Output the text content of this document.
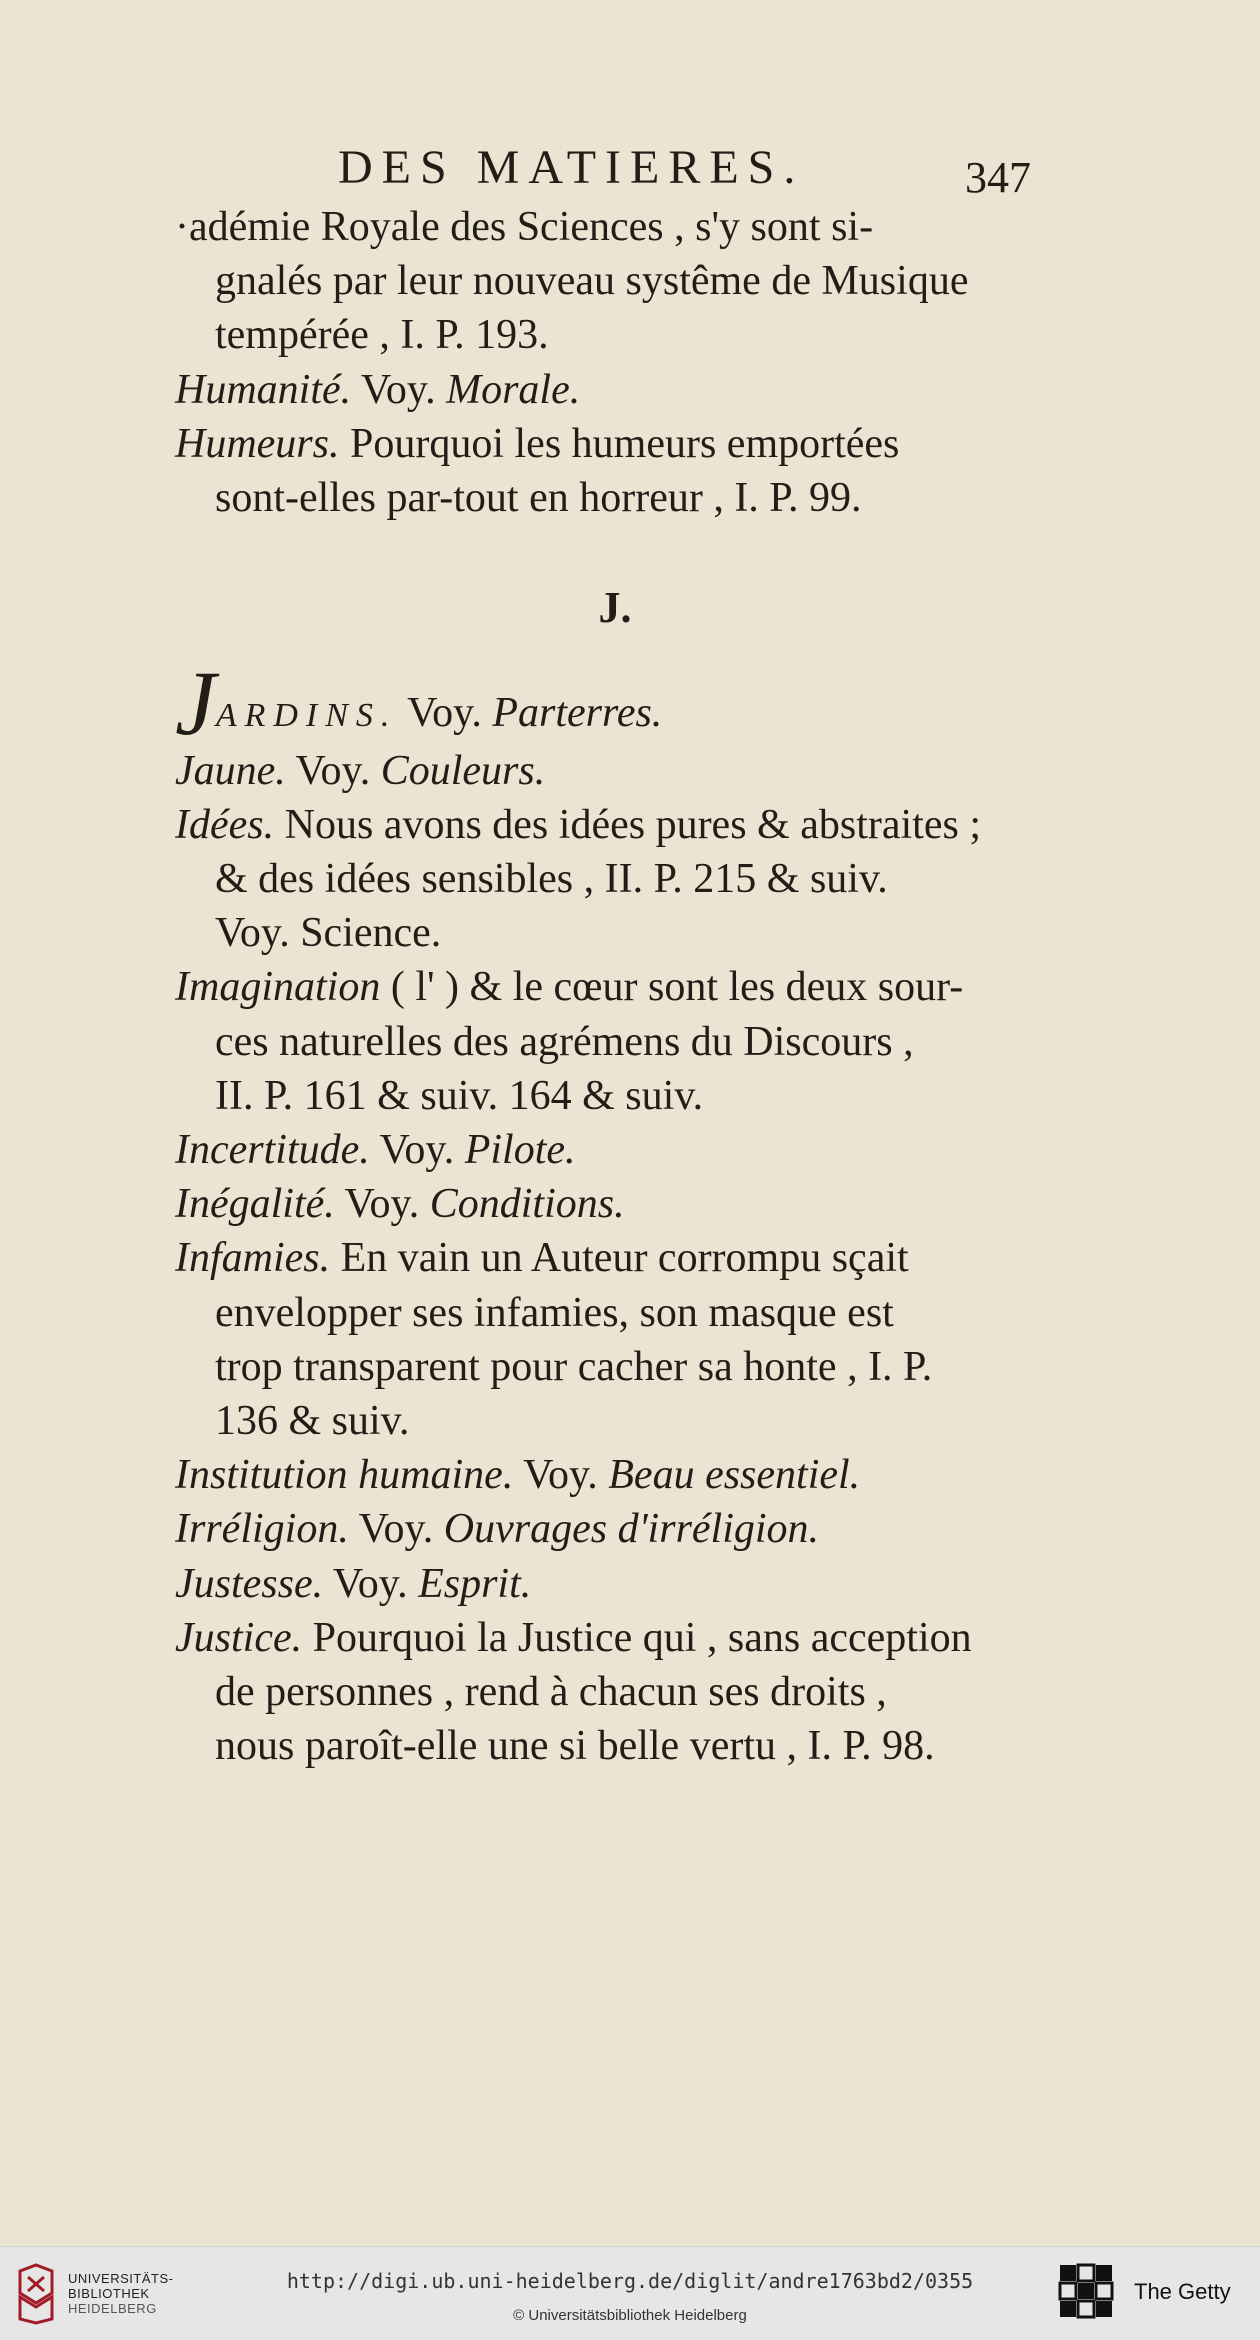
DES MATIERES.	347
·adémie Royale des Sciences , s'y sont si-
gnalés par leur nouveau systême de Musique
tempérée , I. P. 193.
Humanité. Voy. Morale.
Humeurs. Pourquoi les humeurs emportées
sont-elles par-tout en horreur , I. P. 99.
J.
JARDINS. Voy. Parterres.
Jaune. Voy. Couleurs.
Idées. Nous avons des idées pures & abstraites ;
& des idées sensibles , II. P. 215 & suiv.
Voy. Science.
Imagination ( l' ) & le cœur sont les deux sour-
ces naturelles des agrémens du Discours ,
II. P. 161 & suiv. 164 & suiv.
Incertitude. Voy. Pilote.
Inégalité. Voy. Conditions.
Infamies. En vain un Auteur corrompu sçait
envelopper ses infamies, son masque est
trop transparent pour cacher sa honte , I. P.
136 & suiv.
Institution humaine. Voy. Beau essentiel.
Irréligion. Voy. Ouvrages d'irréligion.
Justesse. Voy. Esprit.
Justice. Pourquoi la Justice qui , sans acception
de personnes , rend à chacun ses droits ,
nous paroît-elle une si belle vertu , I. P. 98.
UNIVERSITÄTS-
BIBLIOTHEK
HEIDELBERG
http://digi.ub.uni-heidelberg.de/diglit/andre1763bd2/0355
© Universitätsbibliothek Heidelberg
The Getty
